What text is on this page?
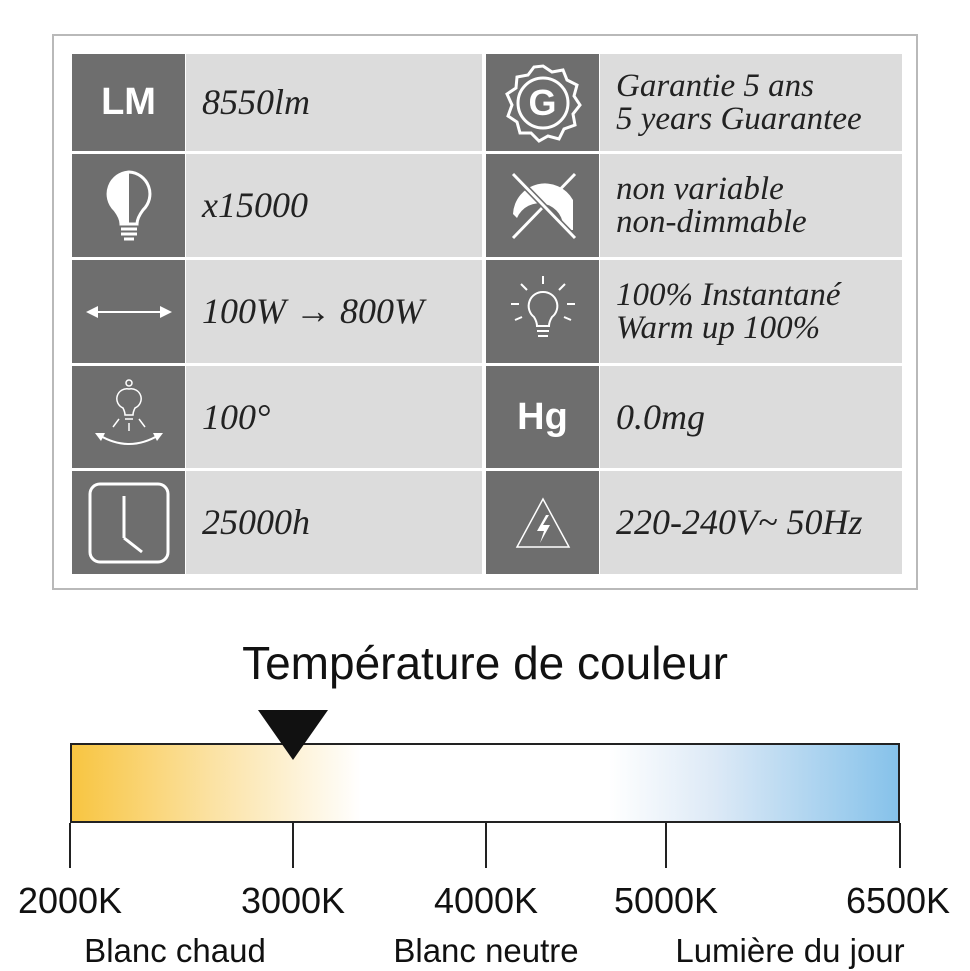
LM 8550lm	G Garantie 5 ans
5 years Guarantee
x15000	non variable
non-dimmable
100W → 800W	100% Instantané
Warm up 100%
100°	Hg 0.0mg
25000h	220-240V~ 50Hz
Température de couleur
2000K	3000K 4000K 5000K	6500K
Blanc chaud	Blanc neutre	Lumière du jour
